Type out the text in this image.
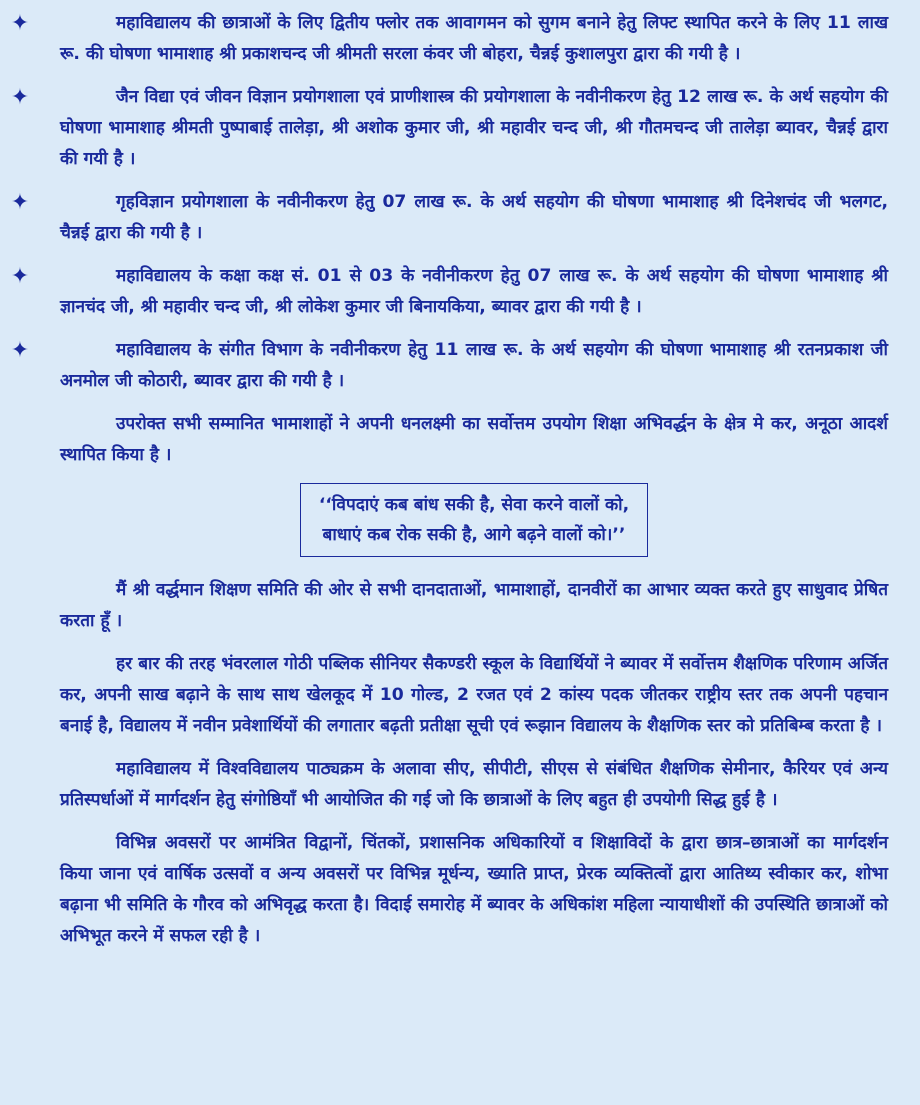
✦	महाविद्यालय की छात्राओं के लिए द्वितीय फ्लोर तक आवागमन को सुगम बनाने हेतु लिफ्ट स्थापित करने के लिए 11 लाख रू. की घोषणा भामाशाह श्री प्रकाशचन्द जी श्रीमती सरला कंवर जी बोहरा, चैन्नई कुशालपुरा द्वारा की गयी है ।
✦	जैन विद्या एवं जीवन विज्ञान प्रयोगशाला एवं प्राणीशास्त्र की प्रयोगशाला के नवीनीकरण हेतु 12 लाख रू. के अर्थ सहयोग की घोषणा भामाशाह श्रीमती पुष्पाबाई तालेड़ा, श्री अशोक कुमार जी, श्री महावीर चन्द जी, श्री गौतमचन्द जी तालेड़ा ब्यावर, चैन्नई द्वारा की गयी है ।
✦	गृहविज्ञान प्रयोगशाला के नवीनीकरण हेतु 07 लाख रू. के अर्थ सहयोग की घोषणा भामाशाह श्री दिनेशचंद जी भलगट, चैन्नई द्वारा की गयी है ।
✦	महाविद्यालय के कक्षा कक्ष सं. 01 से 03 के नवीनीकरण हेतु 07 लाख रू. के अर्थ सहयोग की घोषणा भामाशाह श्री ज्ञानचंद जी, श्री महावीर चन्द जी, श्री लोकेश कुमार जी बिनायकिया, ब्यावर द्वारा की गयी है ।
✦	महाविद्यालय के संगीत विभाग के नवीनीकरण हेतु 11 लाख रू. के अर्थ सहयोग की घोषणा भामाशाह श्री रतनप्रकाश जी अनमोल जी कोठारी, ब्यावर द्वारा की गयी है ।

उपरोक्त सभी सम्मानित भामाशाहों ने अपनी धनलक्ष्मी का सर्वोत्तम उपयोग शिक्षा अभिवर्द्धन के क्षेत्र मे कर, अनूठा आदर्श स्थापित किया है ।

‘‘विपदाएं कब बांध सकी है, सेवा करने वालों को,
बाधाएं कब रोक सकी है, आगे बढ़ने वालों को।’’

मैं श्री वर्द्धमान शिक्षण समिति की ओर से सभी दानदाताओं, भामाशाहों, दानवीरों का आभार व्यक्त करते हुए साधुवाद प्रेषित करता हूँ ।

हर बार की तरह भंवरलाल गोठी पब्लिक सीनियर सैकण्डरी स्कूल के विद्यार्थियों ने ब्यावर में सर्वोत्तम शैक्षणिक परिणाम अर्जित कर, अपनी साख बढ़ाने के साथ साथ खेलकूद में 10 गोल्ड, 2 रजत एवं 2 कांस्य पदक जीतकर राष्ट्रीय स्तर तक अपनी पहचान बनाई है, विद्यालय में नवीन प्रवेशार्थियों की लगातार बढ़ती प्रतीक्षा सूची एवं रूझान विद्यालय के शैक्षणिक स्तर को प्रतिबिम्ब करता है ।

महाविद्यालय में विश्वविद्यालय पाठ्यक्रम के अलावा सीए, सीपीटी, सीएस से संबंधित शैक्षणिक सेमीनार, कैरियर एवं अन्य प्रतिस्पर्धाओं में मार्गदर्शन हेतु संगोष्ठियाँ भी आयोजित की गई जो कि छात्राओं के लिए बहुत ही उपयोगी सिद्ध हुई है ।

विभिन्न अवसरों पर आमंत्रित विद्वानों, चिंतकों, प्रशासनिक अधिकारियों व शिक्षाविदों के द्वारा छात्र–छात्राओं का मार्गदर्शन किया जाना एवं वार्षिक उत्सवों व अन्य अवसरों पर विभिन्न मूर्धन्य, ख्याति प्राप्त, प्रेरक व्यक्तित्वों द्वारा आतिथ्य स्वीकार कर, शोभा बढ़ाना भी समिति के गौरव को अभिवृद्ध करता है। विदाई समारोह में ब्यावर के अधिकांश महिला न्यायाधीशों की उपस्थिति छात्राओं को अभिभूत करने में सफल रही है ।
